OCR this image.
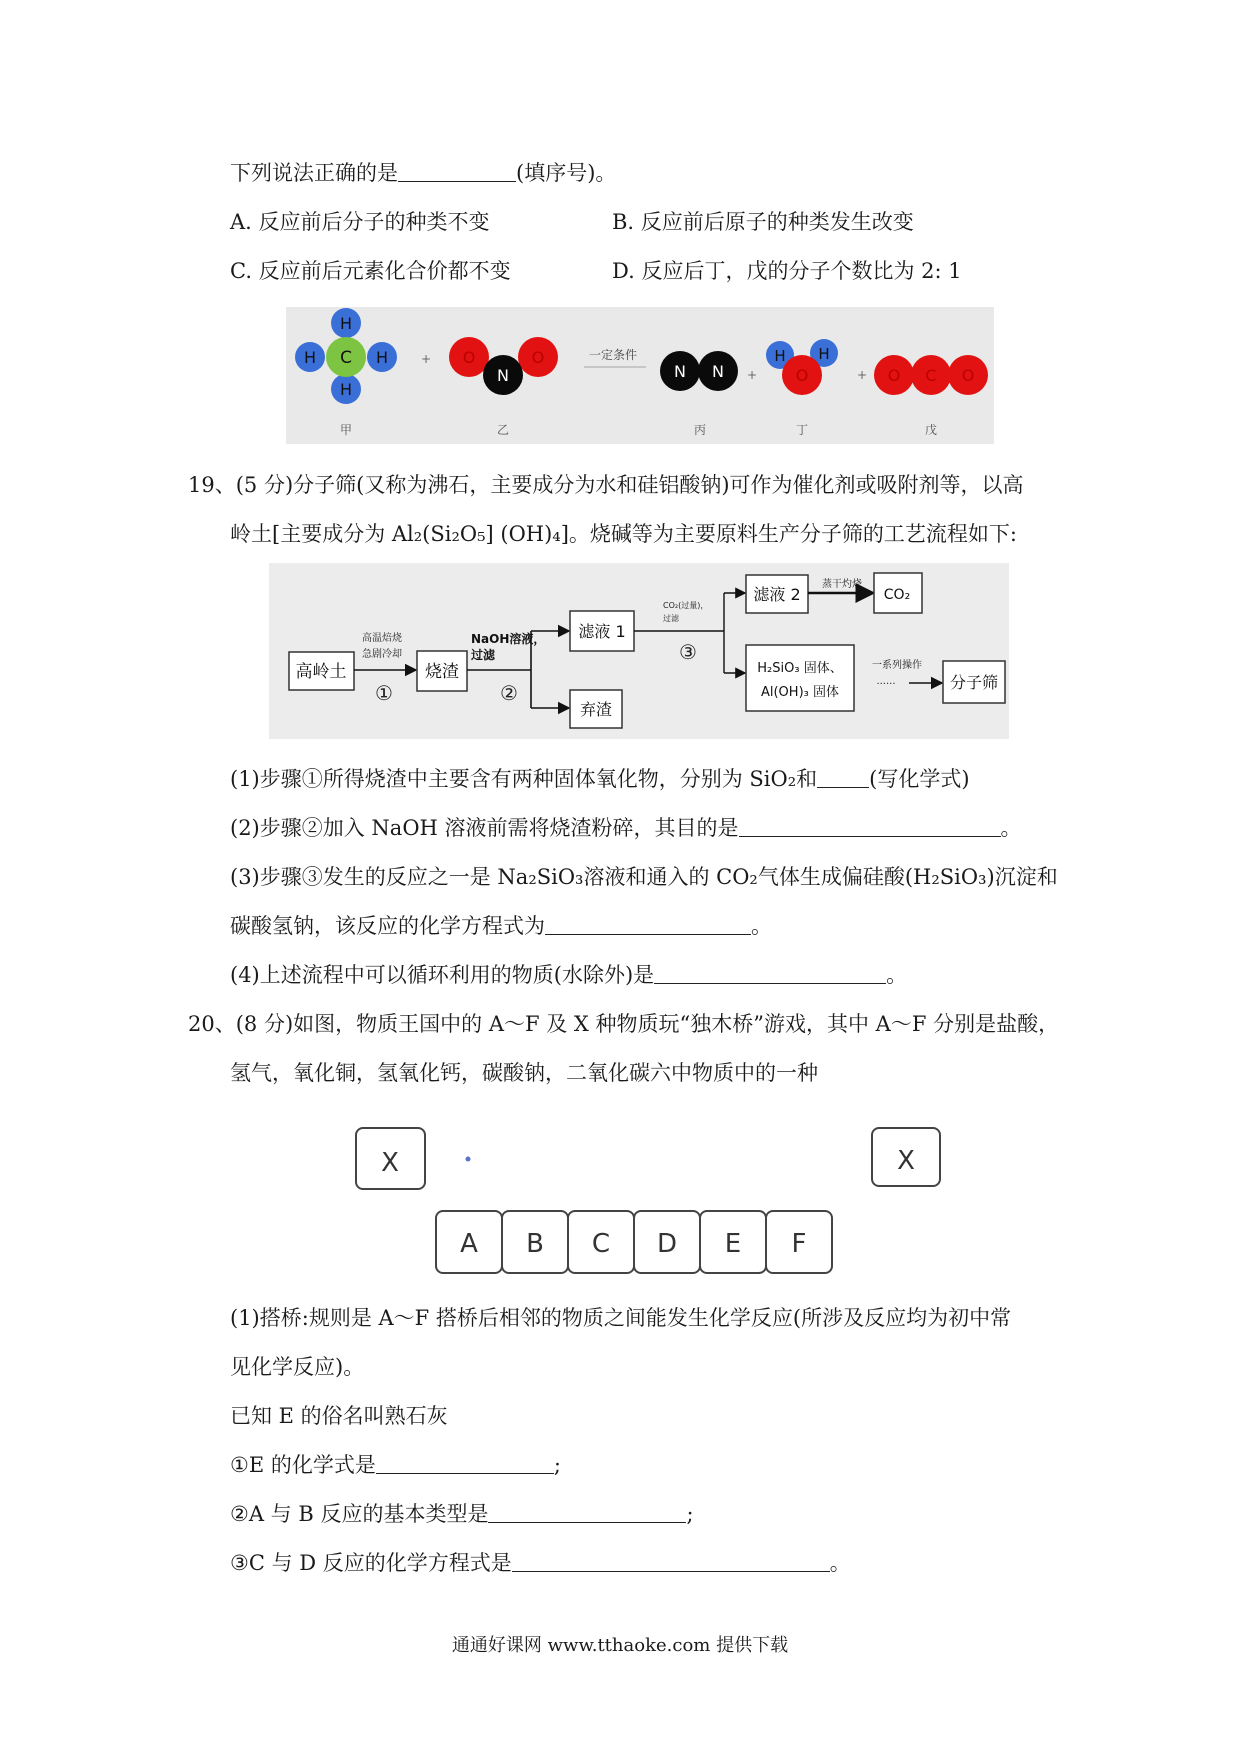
下列说法正确的是	(填序号)。
A. 反应前后分子的种类不变	B. 反应前后原子的种类发生改变
C. 反应前后元素化合价都不变	D. 反应后丁，戊的分子个数比为 2: 1
H
H	H
H
C	+ O	O
N
一定条件
N N +
H H
O	+ O C O
甲	乙	丙	丁	戊
19、(5 分)分子筛(又称为沸石，主要成分为水和硅铝酸钠)可作为催化剂或吸附剂等，以高
岭土[主要成分为 Al₂(Si₂O₅] (OH)₄]。烧碱等为主要原料生产分子筛的工艺流程如下:
高岭土
高温焙烧
急剧冷却
①
烧渣
NaOH溶液，
过滤
②
滤液 1
弃渣
CO₂(过量)，
过滤
③
滤液 2
蒸干灼烧
CO₂
H₂SiO₃ 固体、
Al(OH)₃ 固体
一系列操作
······	分子筛
(1)步骤①所得烧渣中主要含有两种固体氧化物，分别为 SiO₂和 (写化学式)
(2)步骤②加入 NaOH 溶液前需将烧渣粉碎，其目的是	。
(3)步骤③发生的反应之一是 Na₂SiO₃溶液和通入的 CO₂气体生成偏硅酸(H₂SiO₃)沉淀和
碳酸氢钠，该反应的化学方程式为	。
(4)上述流程中可以循环利用的物质(水除外)是	。
20、(8 分)如图，物质王国中的 A～F 及 X 种物质玩“独木桥”游戏，其中 A～F 分别是盐酸，
氢气，氧化铜，氢氧化钙，碳酸钠，二氧化碳六中物质中的一种
X	X
A B C D E F
(1)搭桥:规则是 A～F 搭桥后相邻的物质之间能发生化学反应(所涉及反应均为初中常
见化学反应)。
已知 E 的俗名叫熟石灰
①E 的化学式是	;
②A 与 B 反应的基本类型是	;
③C 与 D 反应的化学方程式是	。
通通好课网 www.tthaoke.com 提供下载
